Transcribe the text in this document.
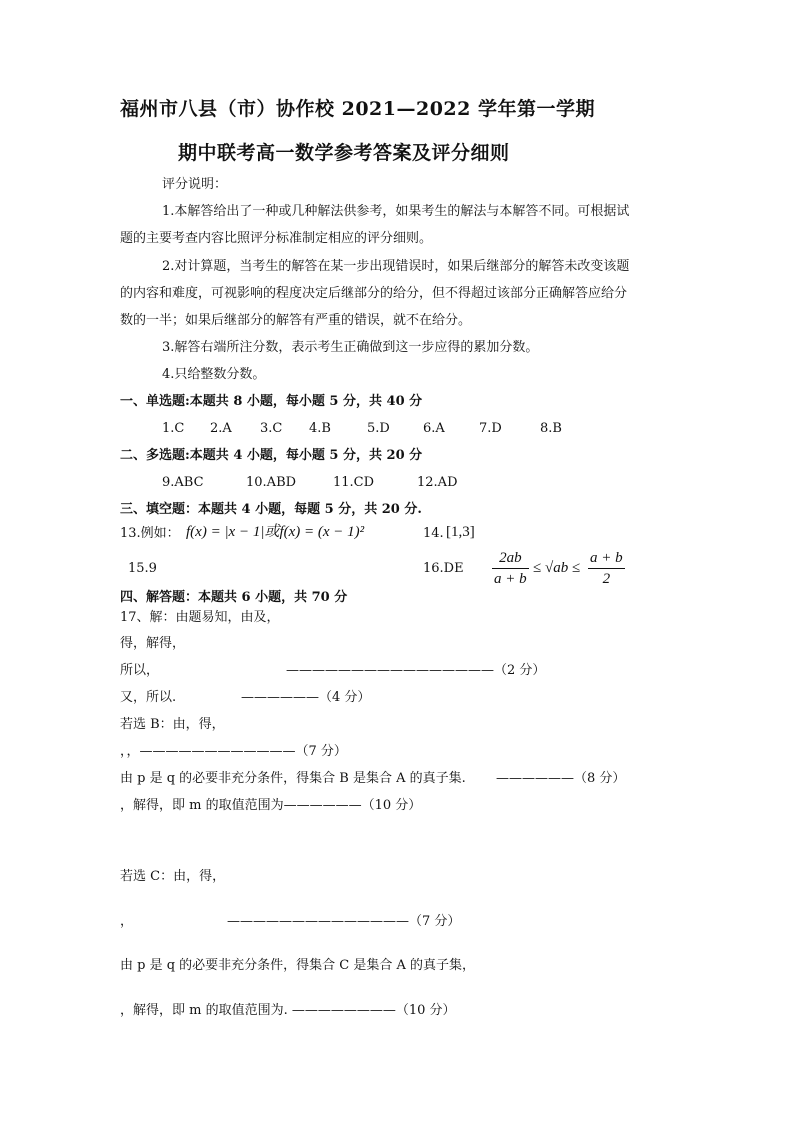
福州市八县（市）协作校 2021—2022 学年第一学期
期中联考高一数学参考答案及评分细则
评分说明：
1.本解答给出了一种或几种解法供参考，如果考生的解法与本解答不同。可根据试
题的主要考查内容比照评分标准制定相应的评分细则。
2.对计算题，当考生的解答在某一步出现错误时，如果后继部分的解答未改变该题
的内容和难度，可视影响的程度决定后继部分的给分，但不得超过该部分正确解答应给分
数的一半；如果后继部分的解答有严重的错误，就不在给分。
3.解答右端所注分数，表示考生正确做到这一步应得的累加分数。
4.只给整数分数。
一、单选题:本题共 8 小题，每小题 5 分，共 40 分
1.C 2.A 3.C 4.B	5.D	6.A	7.D	8.B
二、多选题:本题共 4 小题，每小题 5 分，共 20 分
9.ABC	10.ABD	11.CD	12.AD
三、填空题：本题共 4 小题，每题 5 分，共 20 分.
13.例如： f(x) = |x − 1|或f(x) = (x − 1)²	14. [1,3]
15.9	16.DE
2ab
a + b
≤ √ab ≤
a + b
2
四、解答题：本题共 6 小题，共 70 分
17、解：由题易知，由及，
得，解得，
所以，	————————————————（2 分）
又，所以.	——————（4 分）
若选 B：由，得，
，，————————————（7 分）
由 p 是 q 的必要非充分条件，得集合 B 是集合 A 的真子集. ——————（8 分）
，解得，即 m 的取值范围为——————（10 分）
若选 C：由，得，
，	——————————————（7 分）
由 p 是 q 的必要非充分条件，得集合 C 是集合 A 的真子集，
，解得，即 m 的取值范围为. ————————（10 分）
